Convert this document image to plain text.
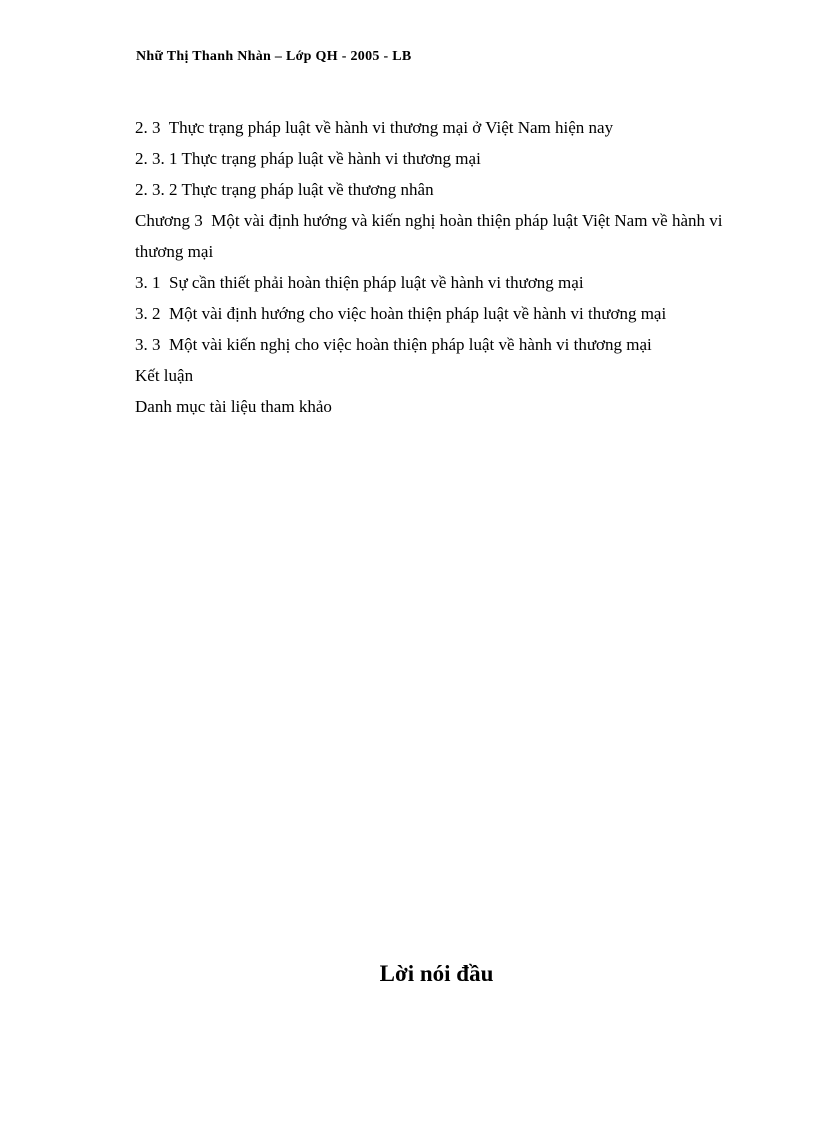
Nhữ Thị Thanh Nhàn – Lớp QH - 2005 - LB

2. 3 Thực trạng pháp luật về hành vi thương mại ở Việt Nam hiện nay

2. 3. 1 Thực trạng pháp luật về hành vi thương mại

2. 3. 2 Thực trạng pháp luật về thương nhân

Chương 3 Một vài định hướng và kiến nghị hoàn thiện pháp luật Việt Nam về hành vi thương mại

3. 1 Sự cần thiết phải hoàn thiện pháp luật về hành vi thương mại

3. 2 Một vài định hướng cho việc hoàn thiện pháp luật về hành vi thương mại

3. 3 Một vài kiến nghị cho việc hoàn thiện pháp luật về hành vi thương mại

Kết luận

Danh mục tài liệu tham khảo

Lời nói đầu
